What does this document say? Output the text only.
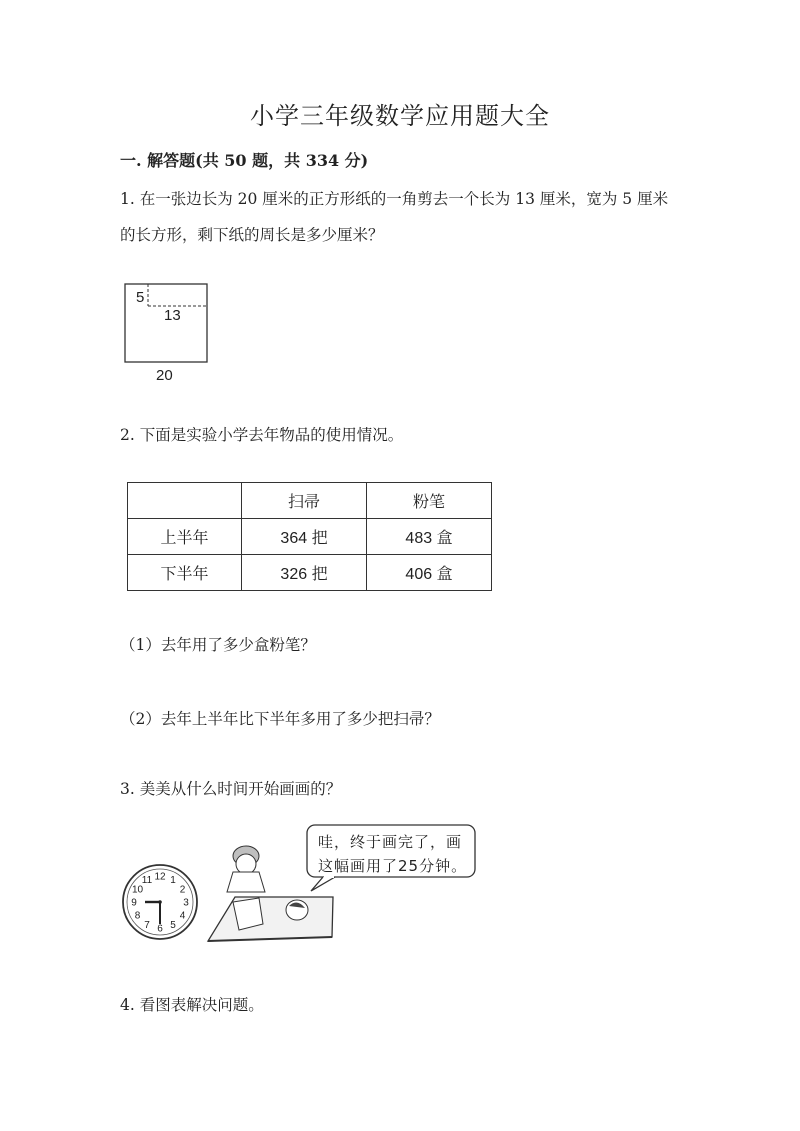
小学三年级数学应用题大全
一. 解答题(共 50 题，共 334 分)
1. 在一张边长为 20 厘米的正方形纸的一角剪去一个长为 13 厘米，宽为 5 厘米
的长方形，剩下纸的周长是多少厘米？
5
13
20
2. 下面是实验小学去年物品的使用情况。
	扫帚	粉笔
上半年	364 把	483 盒
下半年	326 把	406 盒
（1）去年用了多少盒粉笔？
（2）去年上半年比下半年多用了多少把扫帚？
3. 美美从什么时间开始画画的？
12 1
2
3
4
5
6
7
8
9
10
11
哇，终于画完了，画
这幅画用了25分钟。
4. 看图表解决问题。
